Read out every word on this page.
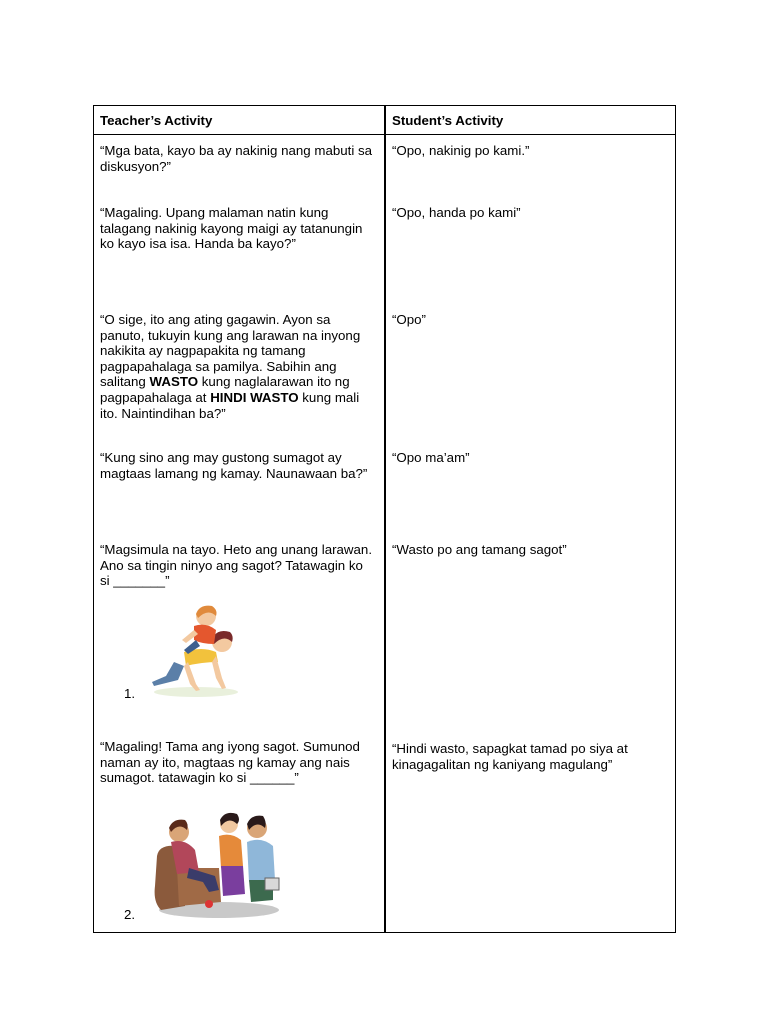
Teacher’s Activity	Student’s Activity
“Mga bata, kayo ba ay nakinig nang mabuti sa diskusyon?”
“Opo, nakinig po kami.”
“Magaling. Upang malaman natin kung talagang nakinig kayong maigi ay tatanungin ko kayo isa isa. Handa ba kayo?”
“Opo, handa po kami”
“O sige, ito ang ating gagawin. Ayon sa panuto, tukuyin kung ang larawan na inyong nakikita ay nagpapakita ng tamang pagpapahalaga sa pamilya. Sabihin ang salitang WASTO kung naglalarawan ito ng pagpapahalaga at HINDI WASTO kung mali ito. Naintindihan ba?”
“Opo”
“Kung sino ang may gustong sumagot ay magtaas lamang ng kamay. Naunawaan ba?”
“Opo ma’am”
“Magsimula na tayo. Heto ang unang larawan. Ano sa tingin ninyo ang sagot? Tatawagin ko si _______”
“Wasto po ang tamang sagot”
1.
“Magaling! Tama ang iyong sagot. Sumunod naman ay ito, magtaas ng kamay ang nais sumagot. tatawagin ko si ______”
“Hindi wasto, sapagkat tamad po siya at kinagagalitan ng kaniyang magulang”
2.
